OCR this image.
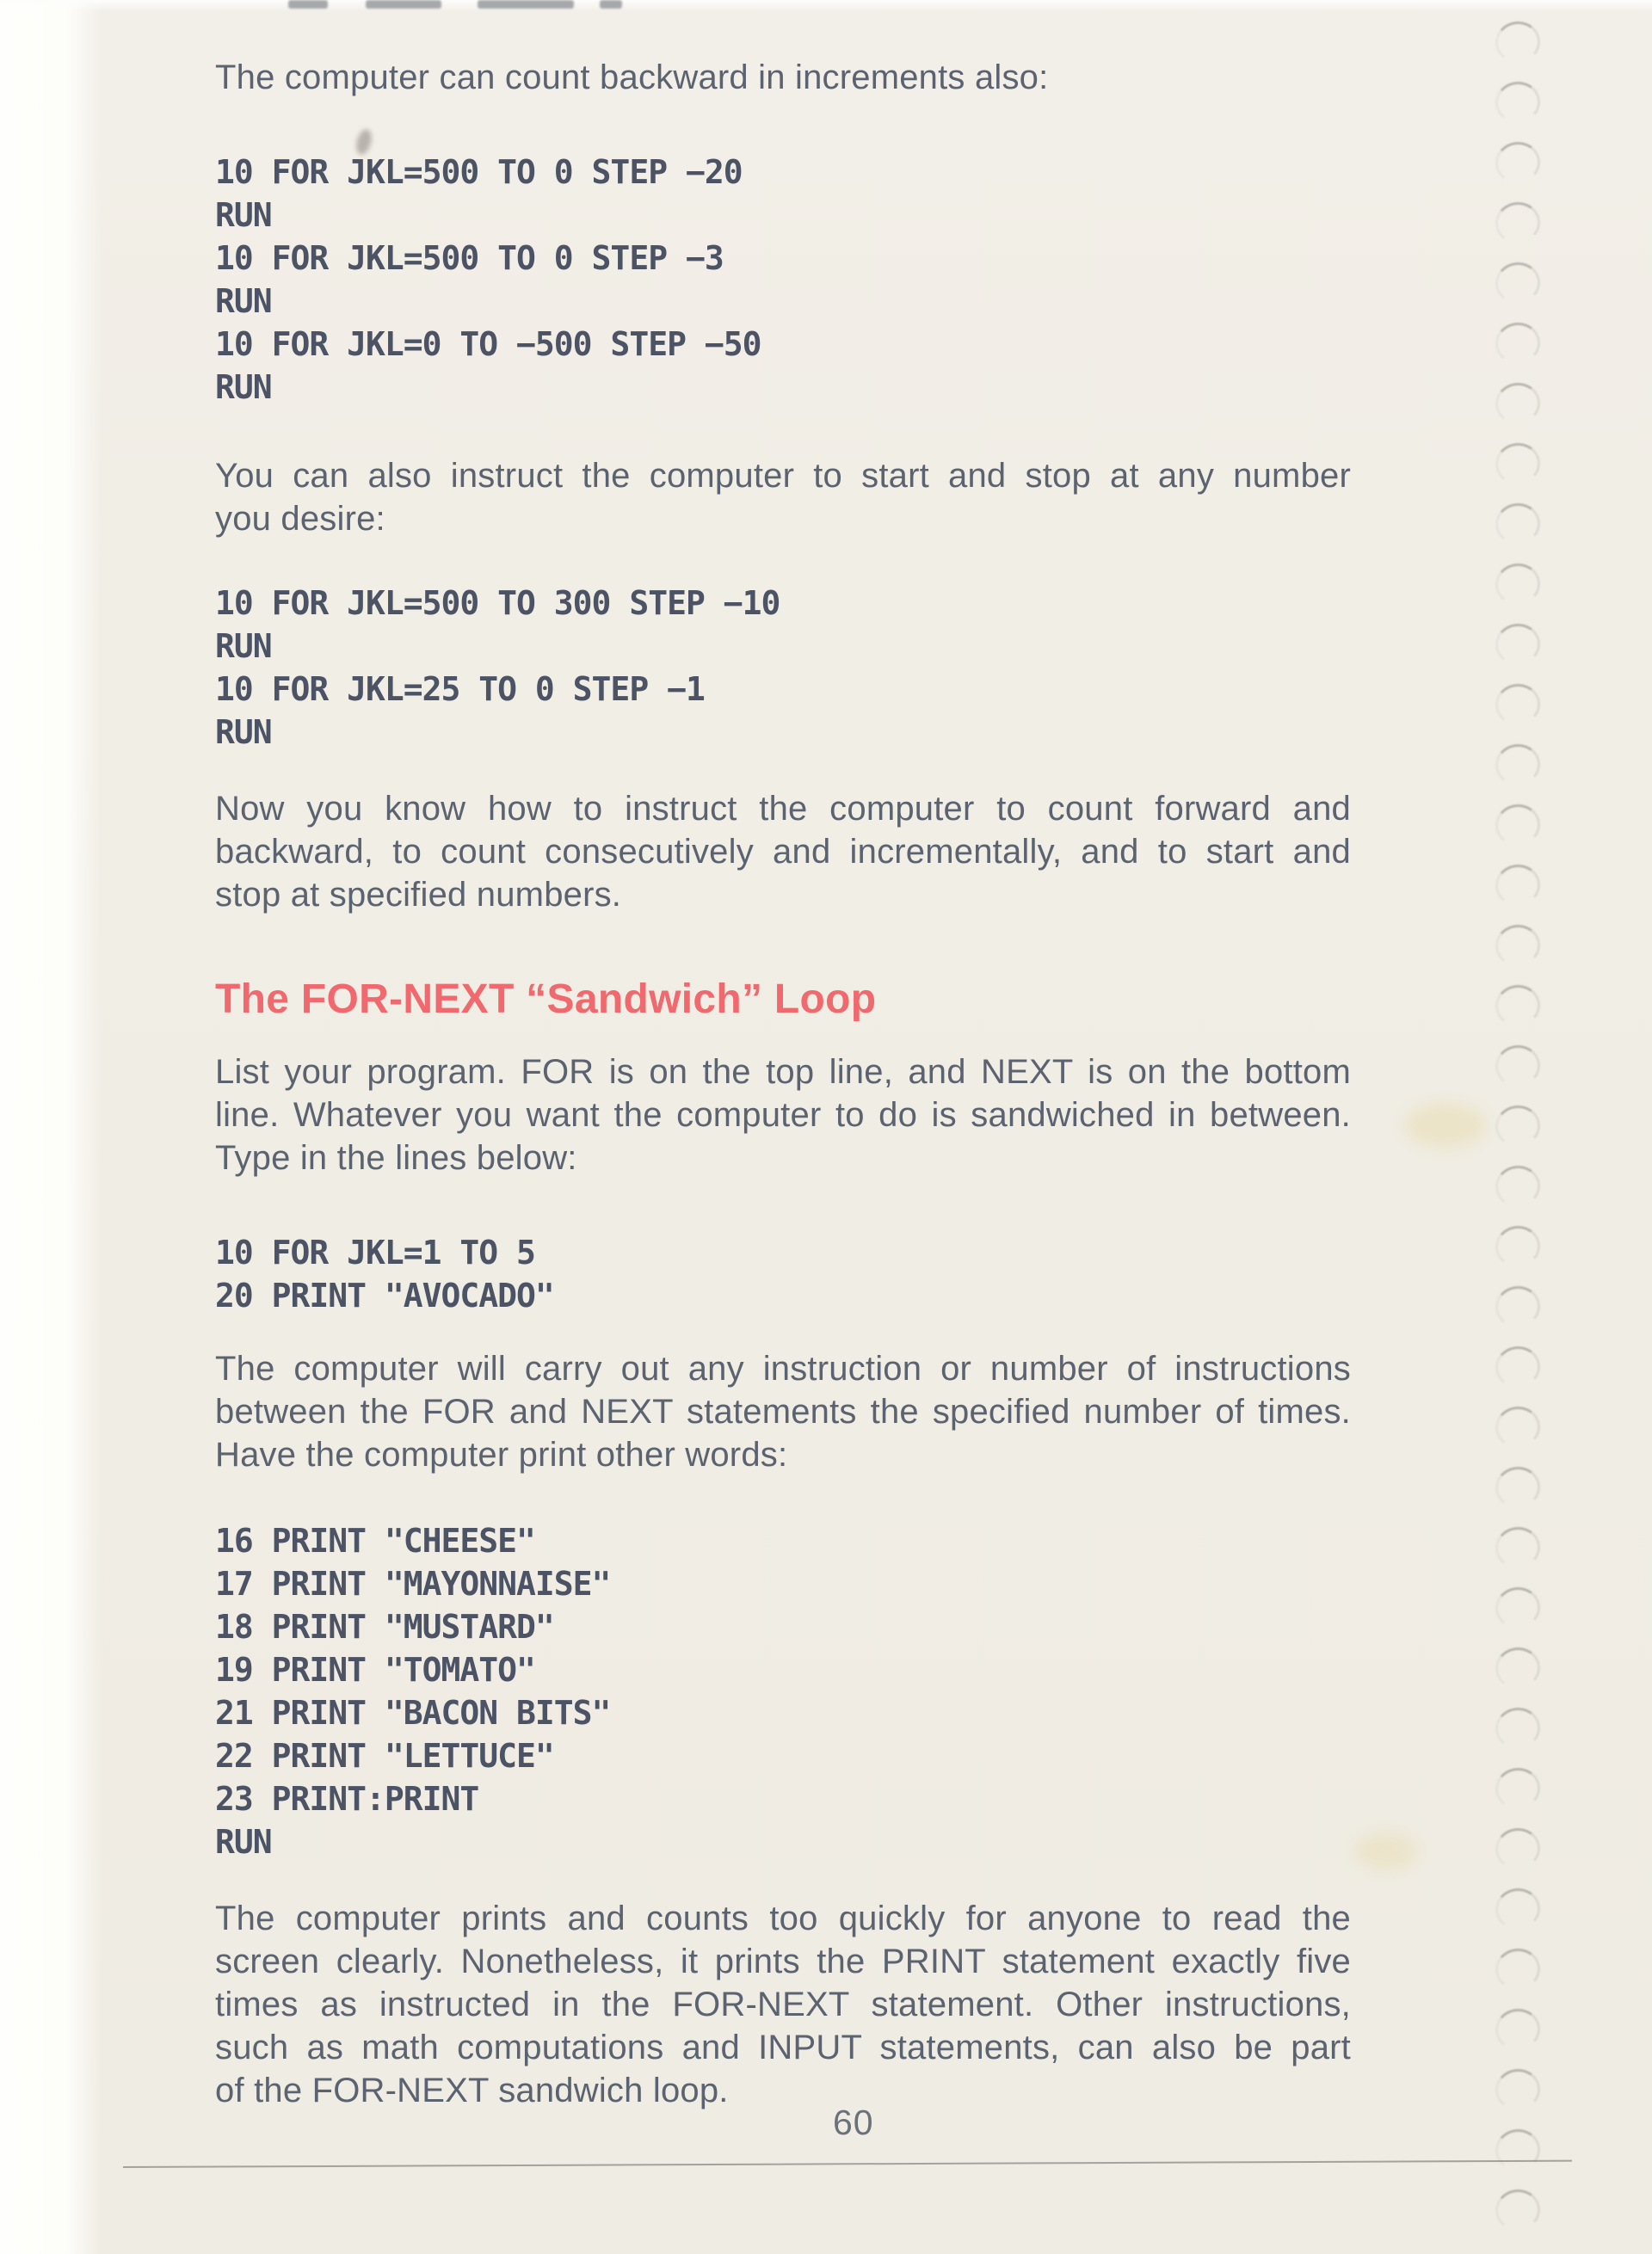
The computer can count backward in increments also:
10 FOR JKL=500 TO 0 STEP −20
RUN
10 FOR JKL=500 TO 0 STEP −3
RUN
10 FOR JKL=0 TO −500 STEP −50
RUN
You can also instruct the computer to start and stop at any number
you desire:
10 FOR JKL=500 TO 300 STEP −10
RUN
10 FOR JKL=25 TO 0 STEP −1
RUN
Now you know how to instruct the computer to count forward and
backward, to count consecutively and incrementally, and to start and
stop at specified numbers.
The FOR-NEXT “Sandwich” Loop
List your program. FOR is on the top line, and NEXT is on the bottom
line. Whatever you want the computer to do is sandwiched in between.
Type in the lines below:
10 FOR JKL=1 TO 5
20 PRINT "AVOCADO"
The computer will carry out any instruction or number of instructions
between the FOR and NEXT statements the specified number of times.
Have the computer print other words:
16 PRINT "CHEESE"
17 PRINT "MAYONNAISE"
18 PRINT "MUSTARD"
19 PRINT "TOMATO"
21 PRINT "BACON BITS"
22 PRINT "LETTUCE"
23 PRINT:PRINT
RUN
The computer prints and counts too quickly for anyone to read the
screen clearly. Nonetheless, it prints the PRINT statement exactly five
times as instructed in the FOR-NEXT statement. Other instructions,
such as math computations and INPUT statements, can also be part
of the FOR-NEXT sandwich loop.
60
